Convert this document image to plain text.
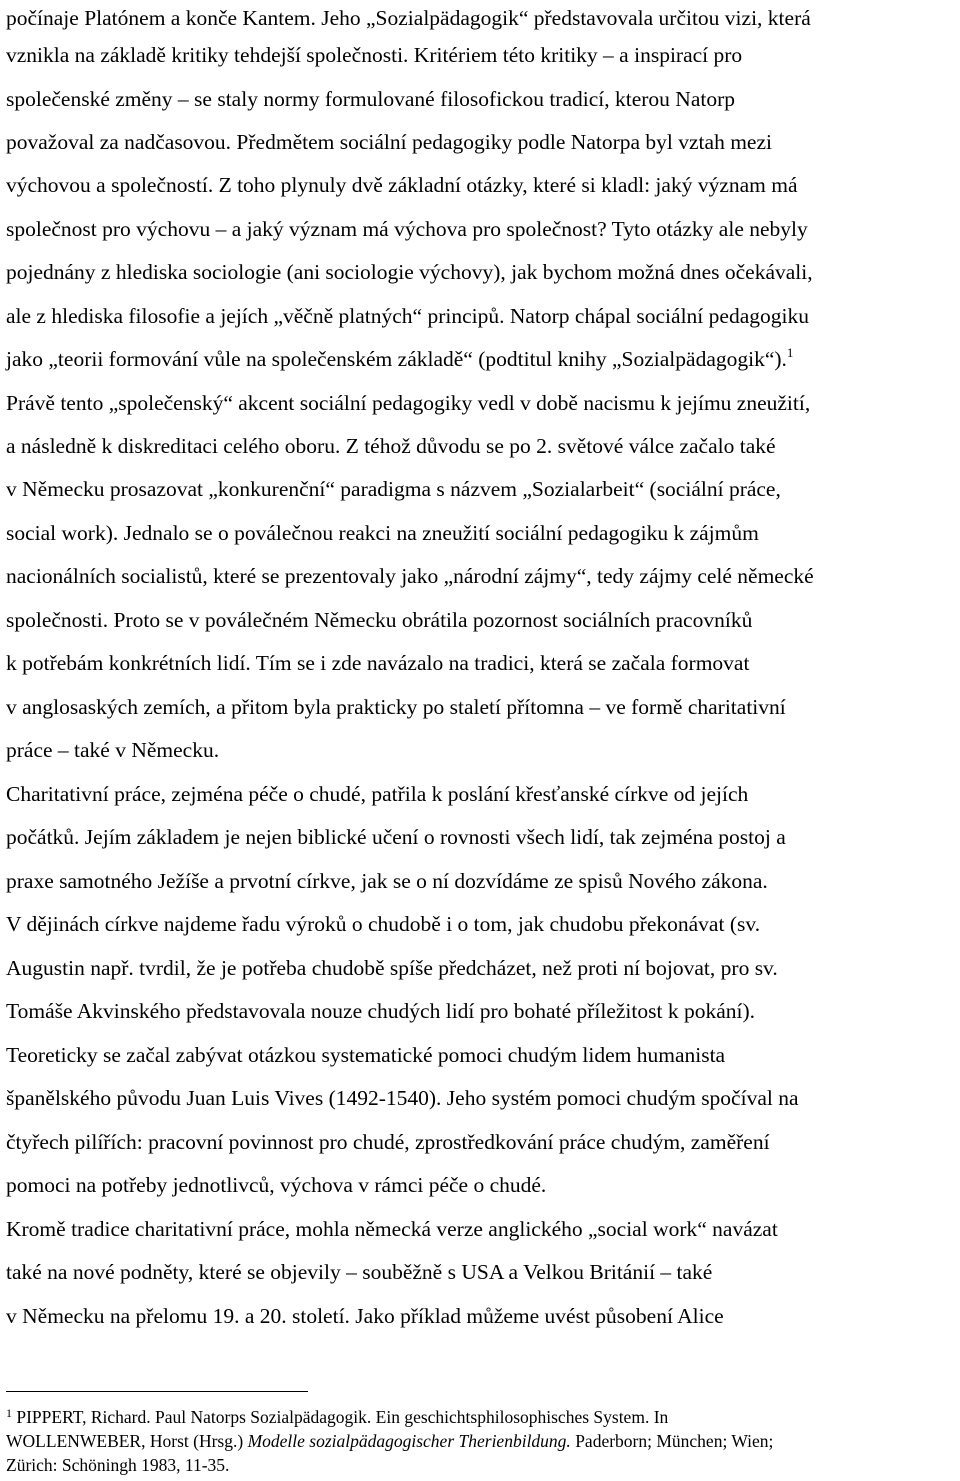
počínaje Platónem a konče Kantem. Jeho „Sozialpädagogik“ představovala určitou vizi, která
vznikla na základě kritiky tehdejší společnosti. Kritériem této kritiky – a inspirací pro
společenské změny – se staly normy formulované filosofickou tradicí, kterou Natorp
považoval za nadčasovou. Předmětem sociální pedagogiky podle Natorpa byl vztah mezi
výchovou a společností. Z toho plynuly dvě základní otázky, které si kladl: jaký význam má
společnost pro výchovu – a jaký význam má výchova pro společnost? Tyto otázky ale nebyly
pojednány z hlediska sociologie (ani sociologie výchovy), jak bychom možná dnes očekávali,
ale z hlediska filosofie a jejích „věčně platných“ principů. Natorp chápal sociální pedagogiku
jako „teorii formování vůle na společenském základě“ (podtitul knihy „Sozialpädagogik“).$^1$
Právě tento „společenský“ akcent sociální pedagogiky vedl v době nacismu k jejímu zneužití,
a následně k diskreditaci celého oboru. Z téhož důvodu se po 2. světové válce začalo také
v Německu prosazovat „konkurenční“ paradigma s názvem „Sozialarbeit“ (sociální práce,
social work). Jednalo se o poválečnou reakci na zneužití sociální pedagogiku k zájmům
nacionálních socialistů, které se prezentovaly jako „národní zájmy“, tedy zájmy celé německé
společnosti. Proto se v poválečném Německu obrátila pozornost sociálních pracovníků
k potřebám konkrétních lidí. Tím se i zde navázalo na tradici, která se začala formovat
v anglosaských zemích, a přitom byla prakticky po staletí přítomna – ve formě charitativní
práce – také v Německu.
Charitativní práce, zejména péče o chudé, patřila k poslání křesťanské církve od jejích
počátků. Jejím základem je nejen biblické učení o rovnosti všech lidí, tak zejména postoj a
praxe samotného Ježíše a prvotní církve, jak se o ní dozvídáme ze spisů Nového zákona.
V dějinách církve najdeme řadu výroků o chudobě i o tom, jak chudobu překonávat (sv.
Augustin např. tvrdil, že je potřeba chudobě spíše předcházet, než proti ní bojovat, pro sv.
Tomáše Akvinského představovala nouze chudých lidí pro bohaté příležitost k pokání).
Teoreticky se začal zabývat otázkou systematické pomoci chudým lidem humanista
španělského původu Juan Luis Vives (1492-1540). Jeho systém pomoci chudým spočíval na
čtyřech pilířích: pracovní povinnost pro chudé, zprostředkování práce chudým, zaměření
pomoci na potřeby jednotlivců, výchova v rámci péče o chudé.
Kromě tradice charitativní práce, mohla německá verze anglického „social work“ navázat
také na nové podněty, které se objevily – souběžně s USA a Velkou Británií – také
v Německu na přelomu 19. a 20. století. Jako příklad můžeme uvést působení Alice
$^1$ PIPPERT, Richard. Paul Natorps Sozialpädagogik. Ein geschichtsphilosophisches System. In
WOLLENWEBER, Horst (Hrsg.) Modelle sozialpädagogischer Therienbildung. Paderborn; München; Wien;
Zürich: Schöningh 1983, 11-35.
